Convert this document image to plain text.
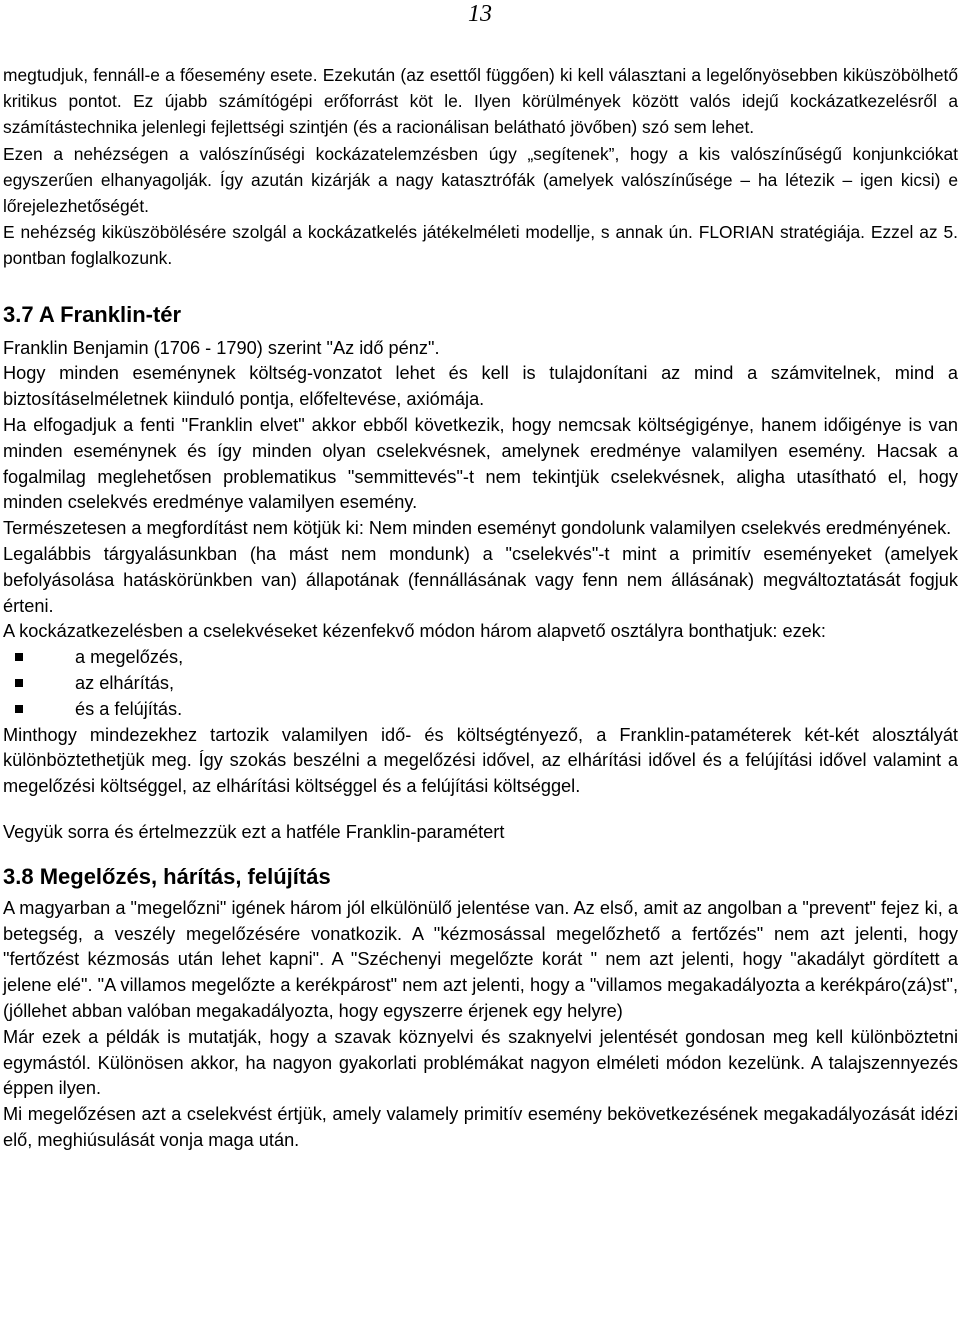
13

megtudjuk, fennáll-e a főesemény esete. Ezekután (az esettől függően) ki kell választani a legelőnyösebben kiküszöbölhető kritikus pontot. Ez újabb számítógépi erőforrást köt le. Ilyen körülmények között valós idejű kockázatkezelésről a számítástechnika jelenlegi fejlettségi szintjén (és a racionálisan belátható jövőben) szó sem lehet.

Ezen a nehézségen a valószínűségi kockázatelemzésben úgy „segítenek”, hogy a kis valószínűségű konjunkciókat egyszerűen elhanyagolják. Így azután kizárják a nagy katasztrófák (amelyek valószínűsége – ha létezik – igen kicsi) e lőrejelezhetőségét.

E nehézség kiküszöbölésére szolgál a kockázatkelés játékelméleti modellje, s annak ún. FLORIAN stratégiája. Ezzel az 5. pontban foglalkozunk.

3.7 A Franklin-tér

Franklin Benjamin (1706 - 1790) szerint "Az idő pénz".

Hogy minden eseménynek költség-vonzatot lehet és kell is tulajdonítani az mind a számvitelnek, mind a biztosításelméletnek kiinduló pontja, előfeltevése, axiómája.

Ha elfogadjuk a fenti "Franklin elvet" akkor ebből következik, hogy nemcsak költségigénye, hanem időigénye is van minden eseménynek és így minden olyan cselekvésnek, amelynek eredménye valamilyen esemény. Hacsak a fogalmilag meglehetősen problematikus "semmittevés"-t nem tekintjük cselekvésnek, aligha utasítható el, hogy minden cselekvés eredménye valamilyen esemény.

Természetesen a megfordítást nem kötjük ki: Nem minden eseményt gondolunk valamilyen cselekvés eredményének.

Legalábbis tárgyalásunkban (ha mást nem mondunk) a "cselekvés"-t mint a primitív eseményeket (amelyek befolyásolása hatáskörünkben van) állapotának (fennállásának vagy fenn nem állásának) megváltoztatását fogjuk érteni.

A kockázatkezelésben a cselekvéseket kézenfekvő módon három alapvető osztályra bonthatjuk: ezek:

a megelőzés,
az elhárítás,
és a felújítás.

Minthogy mindezekhez tartozik valamilyen idő- és költségtényező, a Franklin-pataméterek két-két alosztályát különböztethetjük meg. Így szokás beszélni a megelőzési idővel, az elhárítási idővel és a felújítási idővel valamint a megelőzési költséggel, az elhárítási költséggel és a felújítási költséggel.

Vegyük sorra és értelmezzük ezt a hatféle Franklin-paramétert

3.8 Megelőzés, hárítás, felújítás

A magyarban a "megelőzni" igének három jól elkülönülő jelentése van. Az első, amit az angolban a "prevent" fejez ki, a betegség, a veszély megelőzésére vonatkozik. A "kézmosással megelőzhető a fertőzés" nem azt jelenti, hogy "fertőzést kézmosás után lehet kapni". A "Széchenyi megelőzte korát " nem azt jelenti, hogy "akadályt gördített a jelene elé". "A villamos megelőzte a kerékpárost" nem azt jelenti, hogy a "villamos megakadályozta a kerékpáro(zá)st", (jóllehet abban valóban megakadályozta, hogy egyszerre érjenek egy helyre)

Már ezek a példák is mutatják, hogy a szavak köznyelvi és szaknyelvi jelentését gondosan meg kell különböztetni egymástól. Különösen akkor, ha nagyon gyakorlati problémákat nagyon elméleti módon kezelünk. A talajszennyezés éppen ilyen.

Mi megelőzésen azt a cselekvést értjük, amely valamely primitív esemény bekövetkezésének megakadályozását idézi elő, meghiúsulását vonja maga után.
